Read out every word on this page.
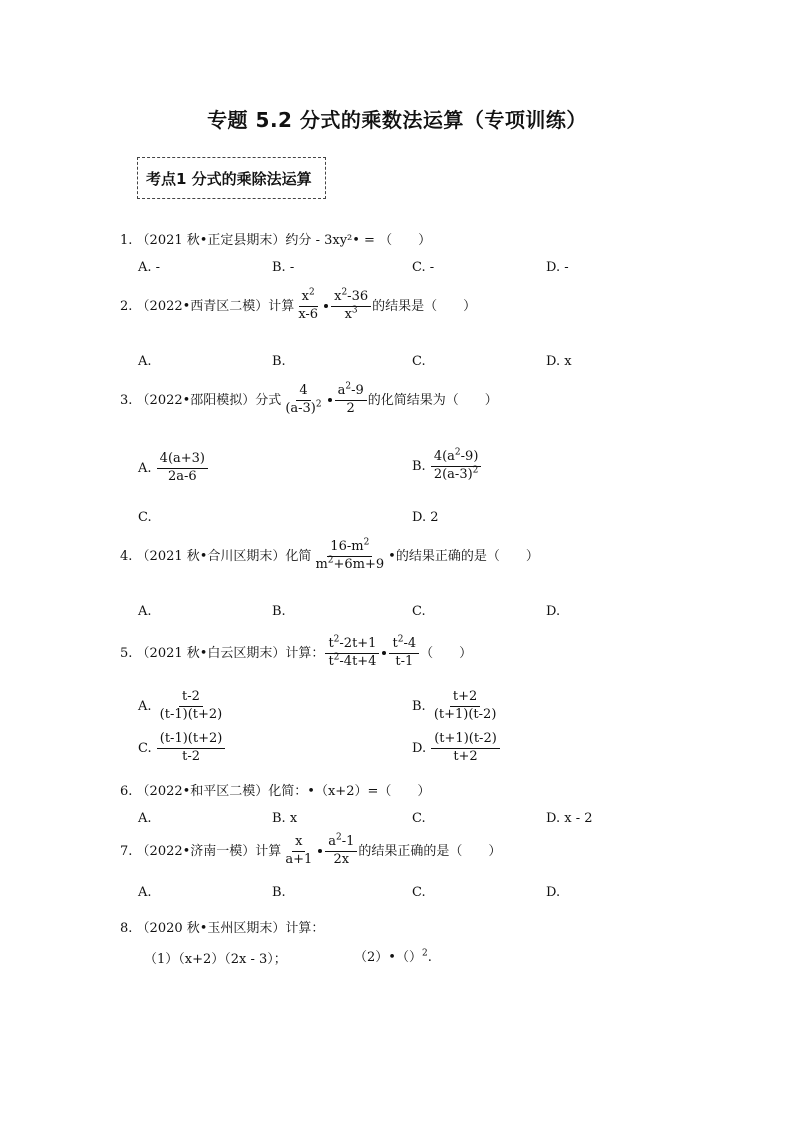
专题 5.2 分式的乘数法运算（专项训练）
考点1 分式的乘除法运算
1. （2021 秋•正定县期末）约分 - 3xy²• = （　　）
A. -	B. -	C. -	D. -
2. （2022•西青区二模）计算 $\frac{x^2}{x-6} \frac{x^2-36}{x^3}$ 的结果是（　　）
A.	B.	C.	D. x
3. （2022•邵阳模拟）分式 $\frac{4}{(a-3)^2} \frac{a^2-9}{2}$ 的化简结果为（　　）
A. $\frac{4(a+3)}{2a-6}$	B. $\frac{4(a^2-9)}{2(a-3)^2}$
C.	D. 2
4. （2021 秋•合川区期末）化简 $\frac{16-m^2}{m^2+6m+9}$ •的结果正确的是（　　）
A.	B.	C.	D.
5. （2021 秋•白云区期末）计算： $\frac{t^2-2t+1}{t^2-4t+4} \frac{t^2-4}{t-1}$ （　　）
A. $\frac{t-2}{(t-1)(t+2)}$	B. $\frac{t+2}{(t+1)(t-2)}$
C. $\frac{(t-1)(t+2)}{t-2}$	D. $\frac{(t+1)(t-2)}{t+2}$
6. （2022•和平区二模）化简：•（x+2）=（　　）
A.	B. x	C.	D. x - 2
7. （2022•济南一模）计算 $\frac{x}{a+1} \frac{a^2-1}{2x}$ 的结果正确的是（　　）
A.	B.	C.	D.
8. （2020 秋•玉州区期末）计算：
（1）（x+2）（2x - 3）；	（2）•（）$^2$.
